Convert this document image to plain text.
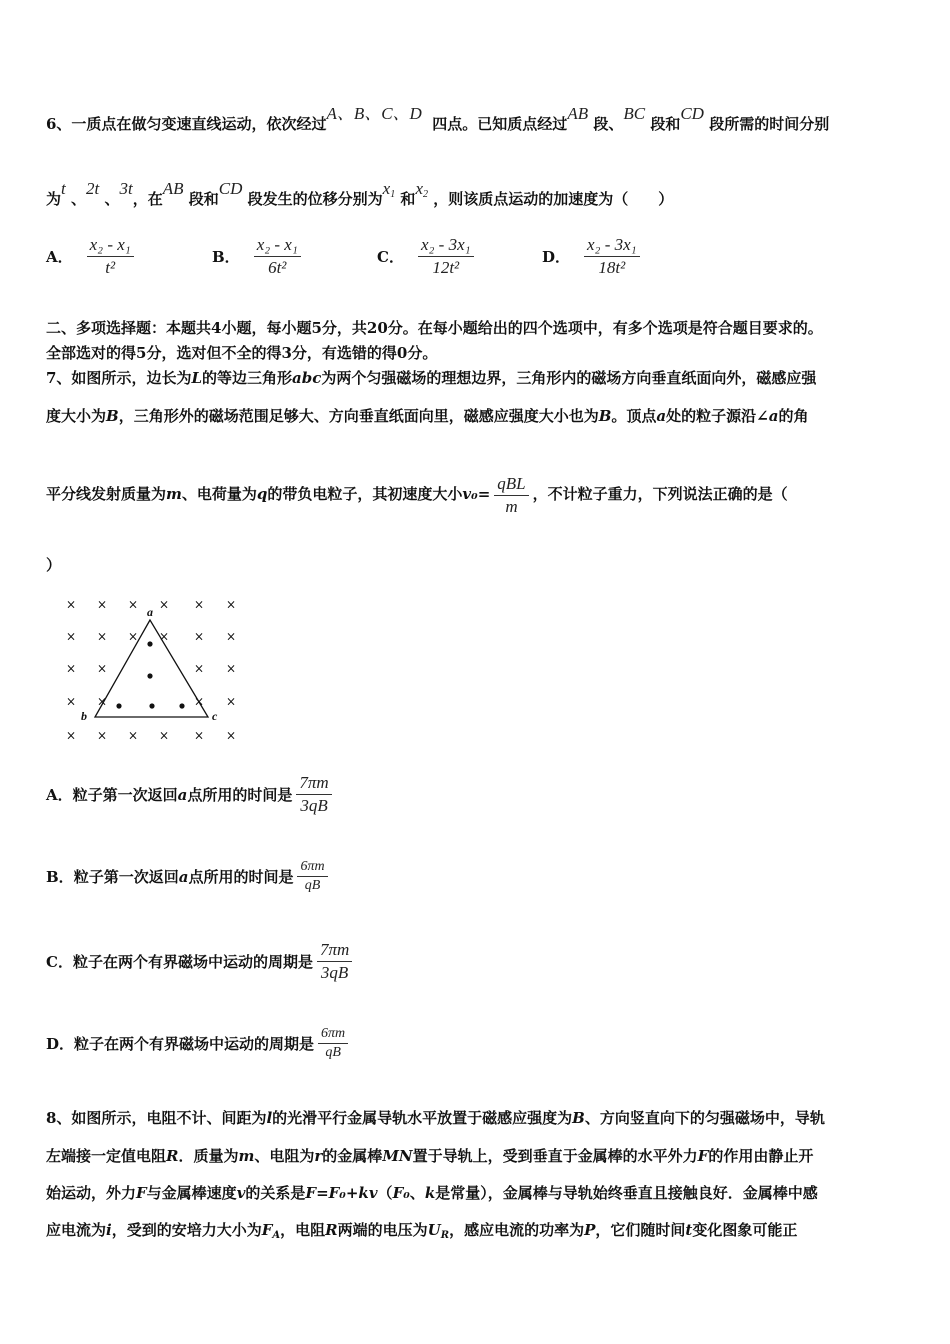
6、一质点在做匀变速直线运动，依次经过A、B、C、D  四点。已知质点经过AB 段、BC 段和CD 段所需的时间分别
为t 、2t 、3t，在AB 段和CD 段发生的位移分别为$x_1$ 和$x_2$ ，则该质点运动的加速度为（　　）
A． $\frac{\text{x₂ - x₁}}{\text{t²}}$	B． $\frac{\text{x₂ - x₁}}{\text{6t²}}$	C． $\frac{\text{x₂ - 3x₁}}{\text{12t²}}$	D． $\frac{\text{x₂ - 3x₁}}{\text{18t²}}$
二、多项选择题：本题共4小题，每小题5分，共20分。在每小题给出的四个选项中，有多个选项是符合题目要求的。
全部选对的得5分，选对但不全的得3分，有选错的得0分。
7、如图所示，边长为L的等边三角形abc为两个匀强磁场的理想边界，三角形内的磁场方向垂直纸面向外，磁感应强
度大小为B，三角形外的磁场范围足够大、方向垂直纸面向里，磁感应强度大小也为B。顶点a处的粒子源沿∠a的角
平分线发射质量为m、电荷量为q的带负电粒子，其初速度大小$v_0= \frac{\text{qBL}}{m}$ ，不计粒子重力，下列说法正确的是（
）
× × × × × ×
× × × × × ×
× ×	× ×
× ×	× ×
× × × × × ×
a
b	c
A．粒子第一次返回a点所用的时间是 $\frac{7\pi m}{3qB}$
B．粒子第一次返回a点所用的时间是 $\frac{6\pi m}{qB}$
C．粒子在两个有界磁场中运动的周期是 $\frac{7\pi m}{3qB}$
D．粒子在两个有界磁场中运动的周期是 $\frac{6\pi m}{qB}$
8、如图所示，电阻不计、间距为l的光滑平行金属导轨水平放置于磁感应强度为B、方向竖直向下的匀强磁场中，导轨
左端接一定值电阻R．质量为m、电阻为r的金属棒MN置于导轨上，受到垂直于金属棒的水平外力F的作用由静止开
始运动，外力F与金属棒速度v的关系是F=F₀+kv（F₀、k是常量），金属棒与导轨始终垂直且接触良好．金属棒中感
应电流为i，受到的安培力大小为$F_A$，电阻R两端的电压为$U_R$，感应电流的功率为P，它们随时间t变化图象可能正
